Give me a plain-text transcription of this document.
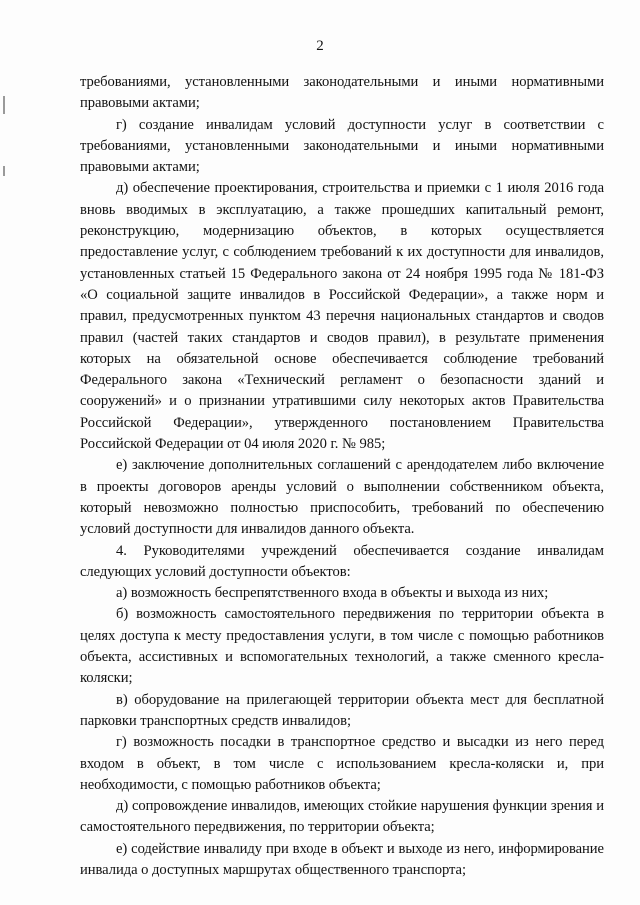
2

требованиями, установленными законодательными и иными нормативными правовыми актами;

г) создание инвалидам условий доступности услуг в соответствии с требованиями, установленными законодательными и иными нормативными правовыми актами;

д) обеспечение проектирования, строительства и приемки с 1 июля 2016 года вновь вводимых в эксплуатацию, а также прошедших капитальный ремонт, реконструкцию, модернизацию объектов, в которых осуществляется предоставление услуг, с соблюдением требований к их доступности для инвалидов, установленных статьей 15 Федерального закона от 24 ноября 1995 года № 181-ФЗ «О социальной защите инвалидов в Российской Федерации», а также норм и правил, предусмотренных пунктом 43 перечня национальных стандартов и сводов правил (частей таких стандартов и сводов правил), в результате применения которых на обязательной основе обеспечивается соблюдение требований Федерального закона «Технический регламент о безопасности зданий и сооружений» и о признании утратившими силу некоторых актов Правительства Российской Федерации», утвержденного постановлением Правительства Российской Федерации от 04 июля 2020 г. № 985;

е) заключение дополнительных соглашений с арендодателем либо включение в проекты договоров аренды условий о выполнении собственником объекта, который невозможно полностью приспособить, требований по обеспечению условий доступности для инвалидов данного объекта.

4. Руководителями учреждений обеспечивается создание инвалидам следующих условий доступности объектов:

а) возможность беспрепятственного входа в объекты и выхода из них;

б) возможность самостоятельного передвижения по территории объекта в целях доступа к месту предоставления услуги, в том числе с помощью работников объекта, ассистивных и вспомогательных технологий, а также сменного кресла-коляски;

в) оборудование на прилегающей территории объекта мест для бесплатной парковки транспортных средств инвалидов;

г) возможность посадки в транспортное средство и высадки из него перед входом в объект, в том числе с использованием кресла-коляски и, при необходимости, с помощью работников объекта;

д) сопровождение инвалидов, имеющих стойкие нарушения функции зрения и самостоятельного передвижения, по территории объекта;

е) содействие инвалиду при входе в объект и выходе из него, информирование инвалида о доступных маршрутах общественного транспорта;
